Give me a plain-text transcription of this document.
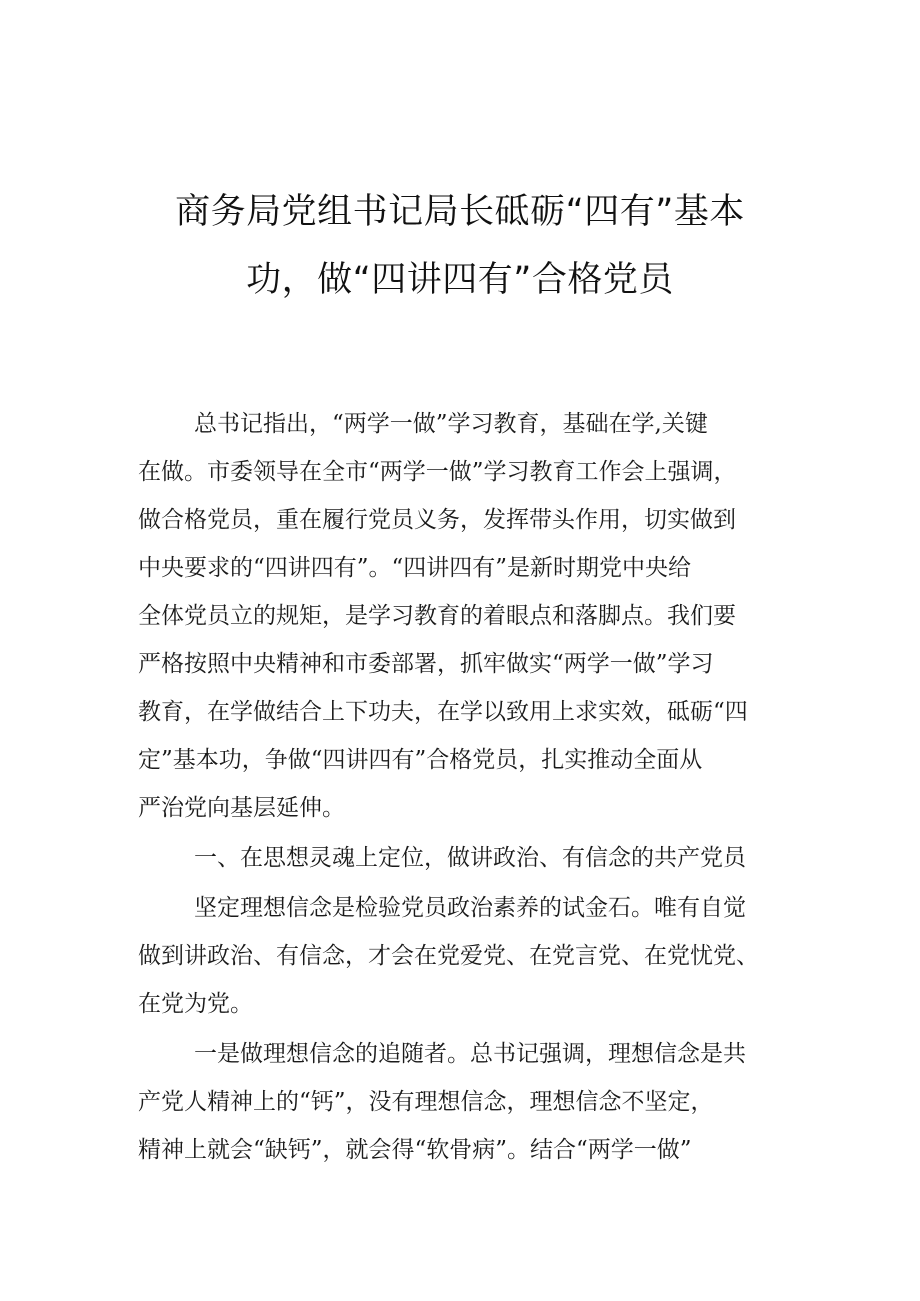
商务局党组书记局长砥砺“四有”基本
功，做“四讲四有”合格党员
总书记指出，“两学一做”学习教育，基础在学,关键
在做。市委领导在全市“两学一做”学习教育工作会上强调，
做合格党员，重在履行党员义务，发挥带头作用，切实做到
中央要求的“四讲四有”。“四讲四有”是新时期党中央给
全体党员立的规矩，是学习教育的着眼点和落脚点。我们要
严格按照中央精神和市委部署，抓牢做实“两学一做”学习
教育，在学做结合上下功夫，在学以致用上求实效，砥砺“四
定”基本功，争做“四讲四有”合格党员，扎实推动全面从
严治党向基层延伸。
一、在思想灵魂上定位，做讲政治、有信念的共产党员
坚定理想信念是检验党员政治素养的试金石。唯有自觉
做到讲政治、有信念，才会在党爱党、在党言党、在党忧党、
在党为党。
一是做理想信念的追随者。总书记强调，理想信念是共
产党人精神上的“钙”，没有理想信念，理想信念不坚定，
精神上就会“缺钙”，就会得“软骨病”。结合“两学一做”
